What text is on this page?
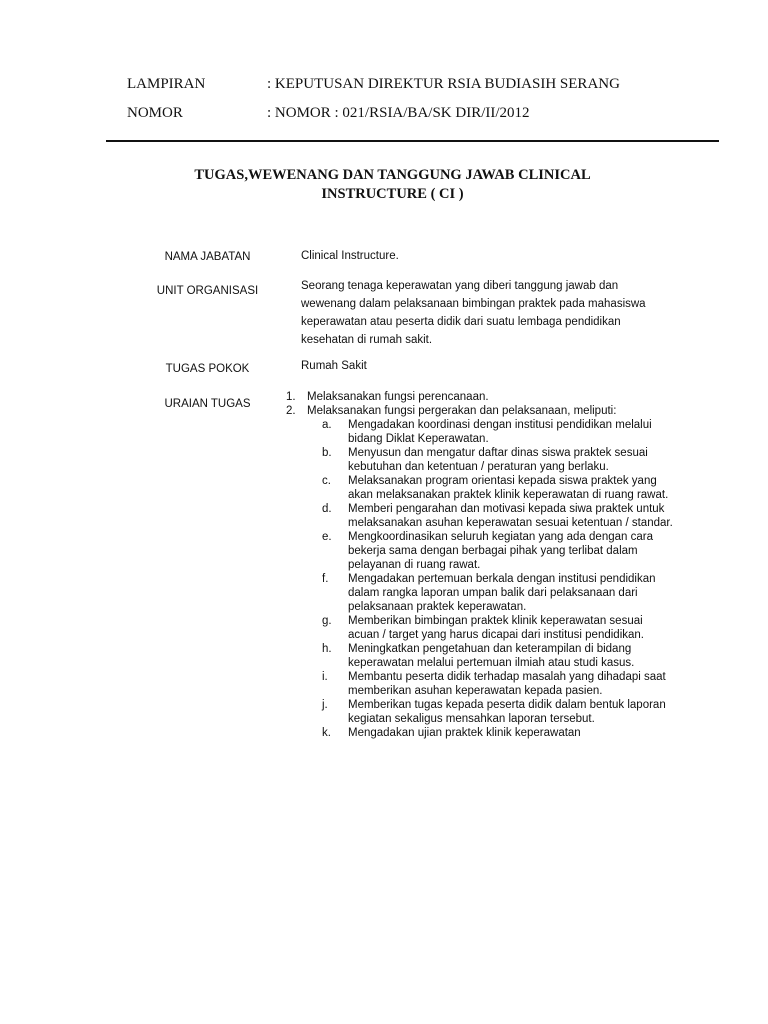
LAMPIRAN	: KEPUTUSAN DIREKTUR RSIA BUDIASIH SERANG
NOMOR	: NOMOR : 021/RSIA/BA/SK DIR/II/2012
TUGAS,WEWENANG DAN TANGGUNG JAWAB CLINICAL
INSTRUCTURE ( CI )
NAMA JABATAN	Clinical Instructure.
UNIT ORGANISASI	Seorang tenaga keperawatan yang diberi tanggung jawab dan wewenang dalam pelaksanaan bimbingan praktek pada mahasiswa keperawatan atau peserta didik dari suatu lembaga pendidikan kesehatan di rumah sakit.
TUGAS POKOK	Rumah Sakit
URAIAN TUGAS
1. Melaksanakan fungsi perencanaan.
2. Melaksanakan fungsi pergerakan dan pelaksanaan, meliputi:
a. Mengadakan koordinasi dengan institusi pendidikan melalui bidang Diklat Keperawatan.
b. Menyusun dan mengatur daftar dinas siswa praktek sesuai kebutuhan dan ketentuan / peraturan yang berlaku.
c. Melaksanakan program orientasi kepada siswa praktek yang akan melaksanakan praktek klinik keperawatan di ruang rawat.
d. Memberi pengarahan dan motivasi kepada siwa praktek untuk melaksanakan asuhan keperawatan sesuai ketentuan / standar.
e. Mengkoordinasikan seluruh kegiatan yang ada dengan cara bekerja sama dengan berbagai pihak yang terlibat dalam pelayanan di ruang rawat.
f. Mengadakan pertemuan berkala dengan institusi pendidikan dalam rangka laporan umpan balik dari pelaksanaan dari pelaksanaan praktek keperawatan.
g. Memberikan bimbingan praktek klinik keperawatan sesuai acuan / target yang harus dicapai dari institusi pendidikan.
h. Meningkatkan pengetahuan dan keterampilan di bidang keperawatan melalui pertemuan ilmiah atau studi kasus.
i. Membantu peserta didik terhadap masalah yang dihadapi saat memberikan asuhan keperawatan kepada pasien.
j. Memberikan tugas kepada peserta didik dalam bentuk laporan kegiatan sekaligus mensahkan laporan tersebut.
k. Mengadakan ujian praktek klinik keperawatan
